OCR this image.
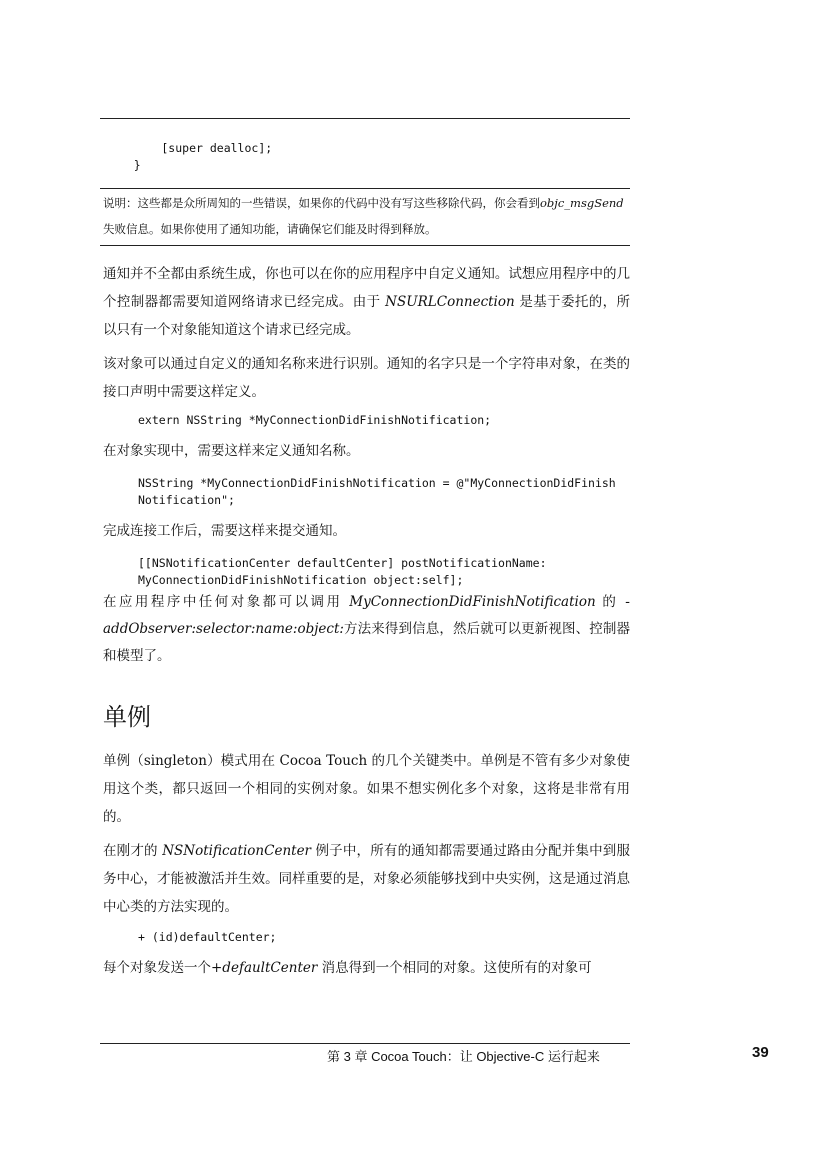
[super dealloc];
}

说明：这些都是众所周知的一些错误，如果你的代码中没有写这些移除代码，你会看到objc_msgSend 失败信息。如果你使用了通知功能，请确保它们能及时得到释放。

通知并不全都由系统生成，你也可以在你的应用程序中自定义通知。试想应用程序中的几个控制器都需要知道网络请求已经完成。由于 NSURLConnection 是基于委托的，所以只有一个对象能知道这个请求已经完成。

该对象可以通过自定义的通知名称来进行识别。通知的名字只是一个字符串对象，在类的接口声明中需要这样定义。

extern NSString *MyConnectionDidFinishNotification;

在对象实现中，需要这样来定义通知名称。

NSString *MyConnectionDidFinishNotification = @"MyConnectionDidFinish
Notification";

完成连接工作后，需要这样来提交通知。

[[NSNotificationCenter defaultCenter] postNotificationName:
MyConnectionDidFinishNotification object:self];

在应用程序中任何对象都可以调用 MyConnectionDidFinishNotification 的 -addObserver:selector:name:object:方法来得到信息，然后就可以更新视图、控制器和模型了。

单例

单例（singleton）模式用在 Cocoa Touch 的几个关键类中。单例是不管有多少对象使用这个类，都只返回一个相同的实例对象。如果不想实例化多个对象，这将是非常有用的。

在刚才的 NSNotificationCenter 例子中，所有的通知都需要通过路由分配并集中到服务中心，才能被激活并生效。同样重要的是，对象必须能够找到中央实例，这是通过消息中心类的方法实现的。

+ (id)defaultCenter;

每个对象发送一个+defaultCenter 消息得到一个相同的对象。这使所有的对象可

第 3 章 Cocoa Touch：让 Objective-C 运行起来	39
